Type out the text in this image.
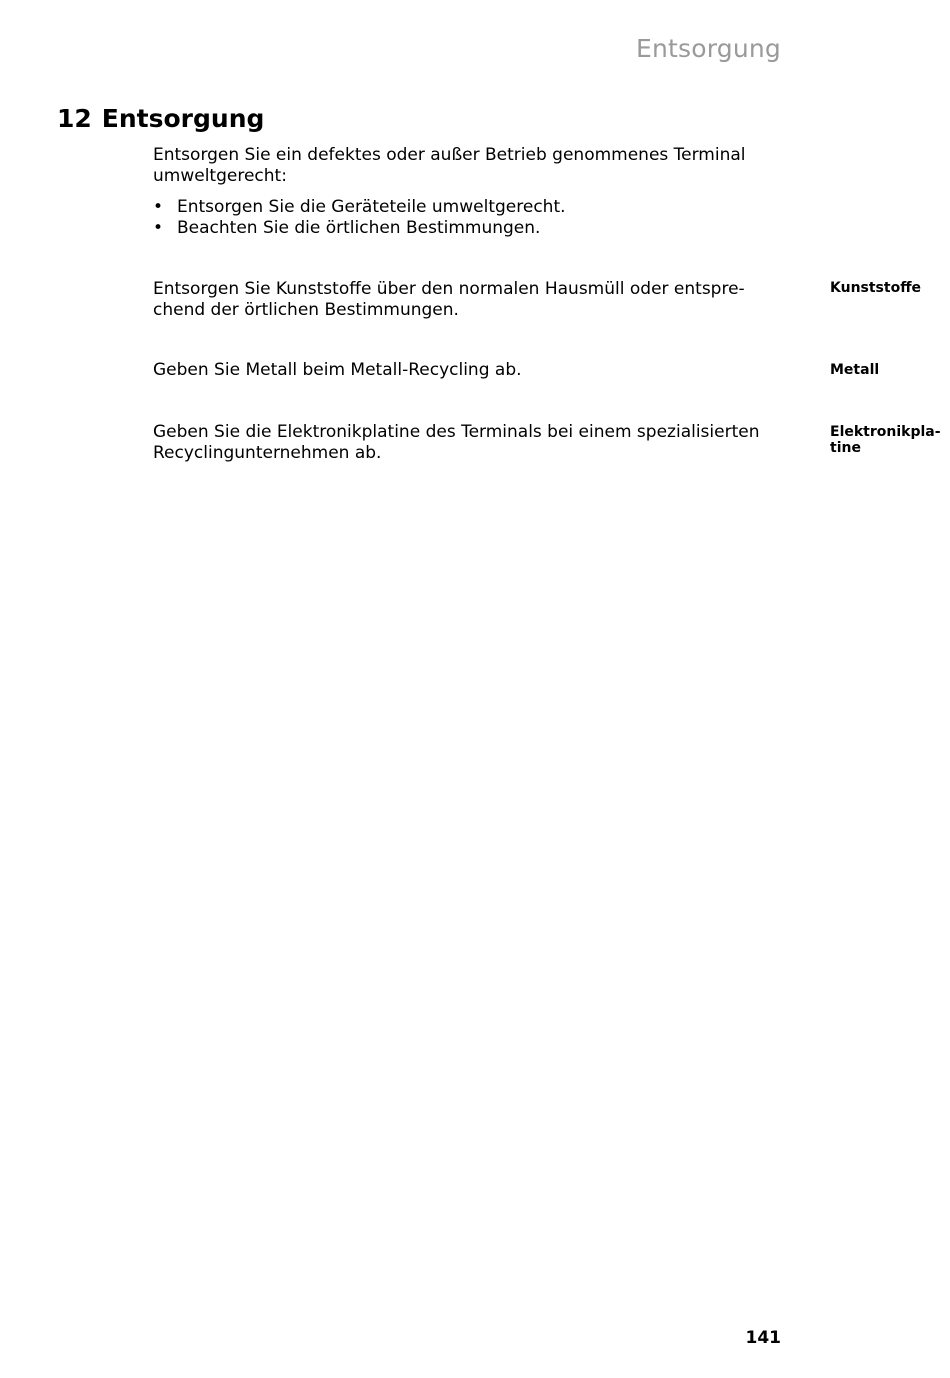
Entsorgung
12 Entsorgung

Entsorgen Sie ein defektes oder außer Betrieb genommenes Terminal

umweltgerecht:

• Entsorgen Sie die Geräteteile umweltgerecht.
• Beachten Sie die örtlichen Bestimmungen.

Entsorgen Sie Kunststoffe über den normalen Hausmüll oder entspre-

chend der örtlichen Bestimmungen.

Kunststoffe

Geben Sie Metall beim Metall-Recycling ab.	Metall

Geben Sie die Elektronikplatine des Terminals bei einem spezialisierten

Recyclingunternehmen ab.

Elektronikpla-
tine
141
